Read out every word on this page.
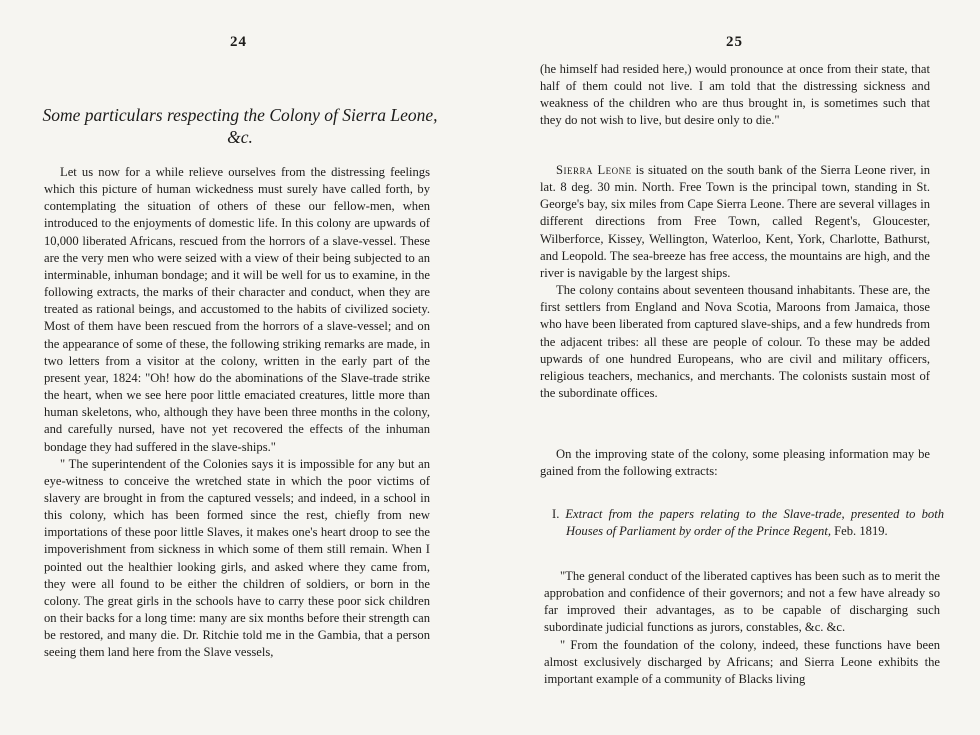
24
Some particulars respecting the Colony of Sierra Leone, &c.

Let us now for a while relieve ourselves from the distressing feelings which this picture of human wickedness must surely have called forth, by contemplating the situation of others of these our fellow-men, when introduced to the enjoyments of domestic life. In this colony are upwards of 10,000 liberated Africans, rescued from the horrors of a slave-vessel. These are the very men who were seized with a view of their being subjected to an interminable, inhuman bondage; and it will be well for us to examine, in the following extracts, the marks of their character and conduct, when they are treated as rational beings, and accustomed to the habits of civilized society. Most of them have been rescued from the horrors of a slave-vessel; and on the appearance of some of these, the following striking remarks are made, in two letters from a visitor at the colony, written in the early part of the present year, 1824: "Oh! how do the abominations of the Slave-trade strike the heart, when we see here poor little emaciated creatures, little more than human skeletons, who, although they have been three months in the colony, and carefully nursed, have not yet recovered the effects of the inhuman bondage they had suffered in the slave-ships."

" The superintendent of the Colonies says it is impossible for any but an eye-witness to conceive the wretched state in which the poor victims of slavery are brought in from the captured vessels; and indeed, in a school in this colony, which has been formed since the rest, chiefly from new importations of these poor little Slaves, it makes one's heart droop to see the impoverishment from sickness in which some of them still remain. When I pointed out the healthier looking girls, and asked where they came from, they were all found to be either the children of soldiers, or born in the colony. The great girls in the schools have to carry these poor sick children on their backs for a long time: many are six months before their strength can be restored, and many die. Dr. Ritchie told me in the Gambia, that a person seeing them land here from the Slave vessels,

25

(he himself had resided here,) would pronounce at once from their state, that half of them could not live. I am told that the distressing sickness and weakness of the children who are thus brought in, is sometimes such that they do not wish to live, but desire only to die."

Sierra Leone is situated on the south bank of the Sierra Leone river, in lat. 8 deg. 30 min. North. Free Town is the principal town, standing in St. George's bay, six miles from Cape Sierra Leone. There are several villages in different directions from Free Town, called Regent's, Gloucester, Wilberforce, Kissey, Wellington, Waterloo, Kent, York, Charlotte, Bathurst, and Leopold. The sea-breeze has free access, the mountains are high, and the river is navigable by the largest ships.

The colony contains about seventeen thousand inhabitants. These are, the first settlers from England and Nova Scotia, Maroons from Jamaica, those who have been liberated from captured slave-ships, and a few hundreds from the adjacent tribes: all these are people of colour. To these may be added upwards of one hundred Europeans, who are civil and military officers, religious teachers, mechanics, and merchants. The colonists sustain most of the subordinate offices.

On the improving state of the colony, some pleasing information may be gained from the following extracts:

I. Extract from the papers relating to the Slave-trade, presented to both Houses of Parliament by order of the Prince Regent, Feb. 1819.

"The general conduct of the liberated captives has been such as to merit the approbation and confidence of their governors; and not a few have already so far improved their advantages, as to be capable of discharging such subordinate judicial functions as jurors, constables, &c. &c.

" From the foundation of the colony, indeed, these functions have been almost exclusively discharged by Africans; and Sierra Leone exhibits the important example of a community of Blacks living
